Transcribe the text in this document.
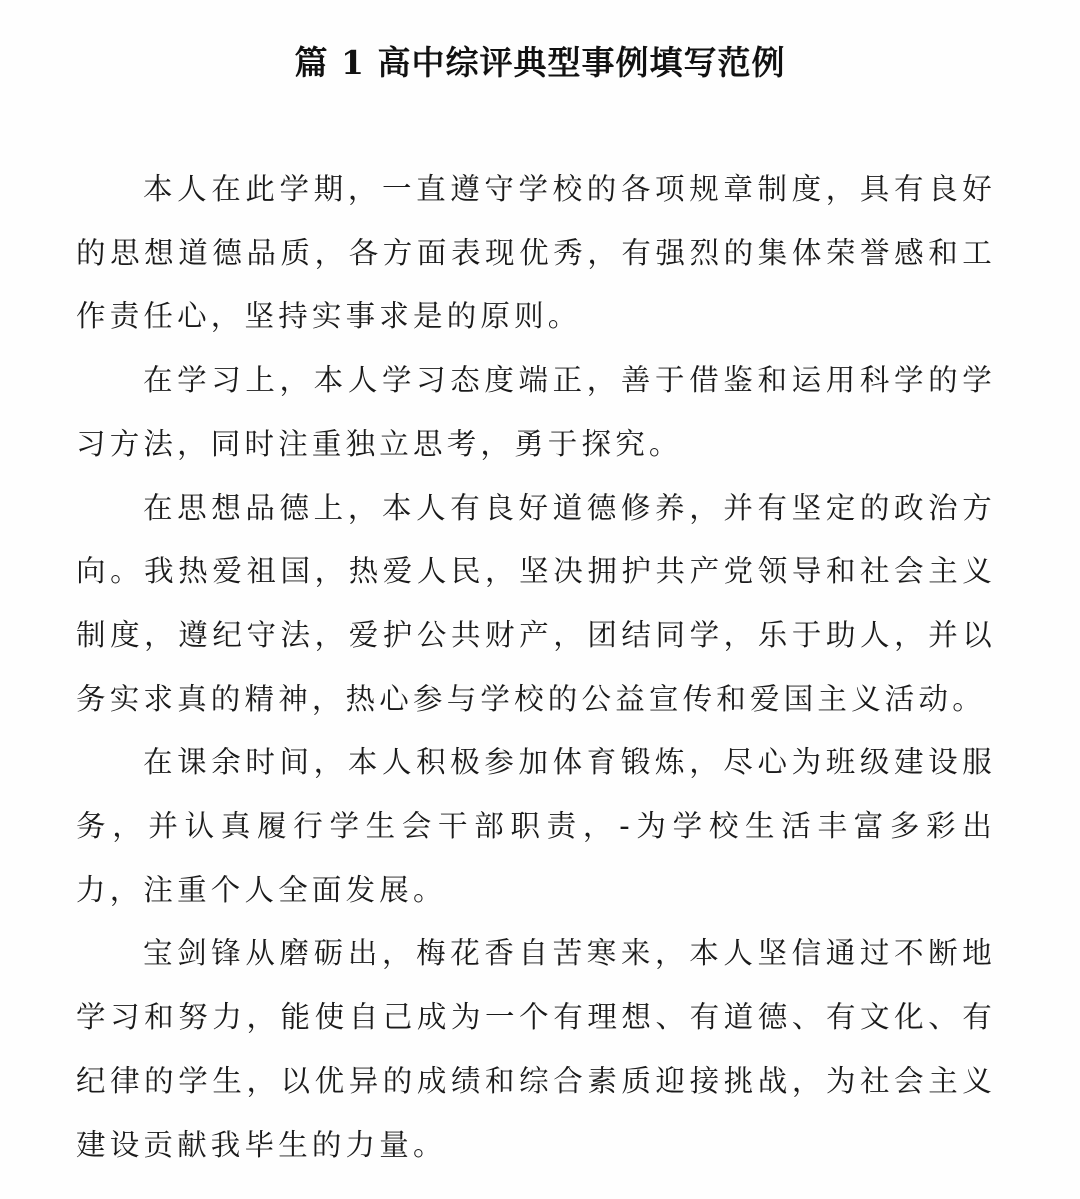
篇 1 高中综评典型事例填写范例

本人在此学期，一直遵守学校的各项规章制度，具有良好的思想道德品质，各方面表现优秀，有强烈的集体荣誉感和工作责任心，坚持实事求是的原则。

在学习上，本人学习态度端正，善于借鉴和运用科学的学习方法，同时注重独立思考，勇于探究。

在思想品德上，本人有良好道德修养，并有坚定的政治方向。我热爱祖国，热爱人民，坚决拥护共产党领导和社会主义制度，遵纪守法，爱护公共财产，团结同学，乐于助人，并以务实求真的精神，热心参与学校的公益宣传和爱国主义活动。

在课余时间，本人积极参加体育锻炼，尽心为班级建设服务，并认真履行学生会干部职责，-为学校生活丰富多彩出力，注重个人全面发展。

宝剑锋从磨砺出，梅花香自苦寒来，本人坚信通过不断地学习和努力，能使自己成为一个有理想、有道德、有文化、有纪律的学生，以优异的成绩和综合素质迎接挑战，为社会主义建设贡献我毕生的力量。
